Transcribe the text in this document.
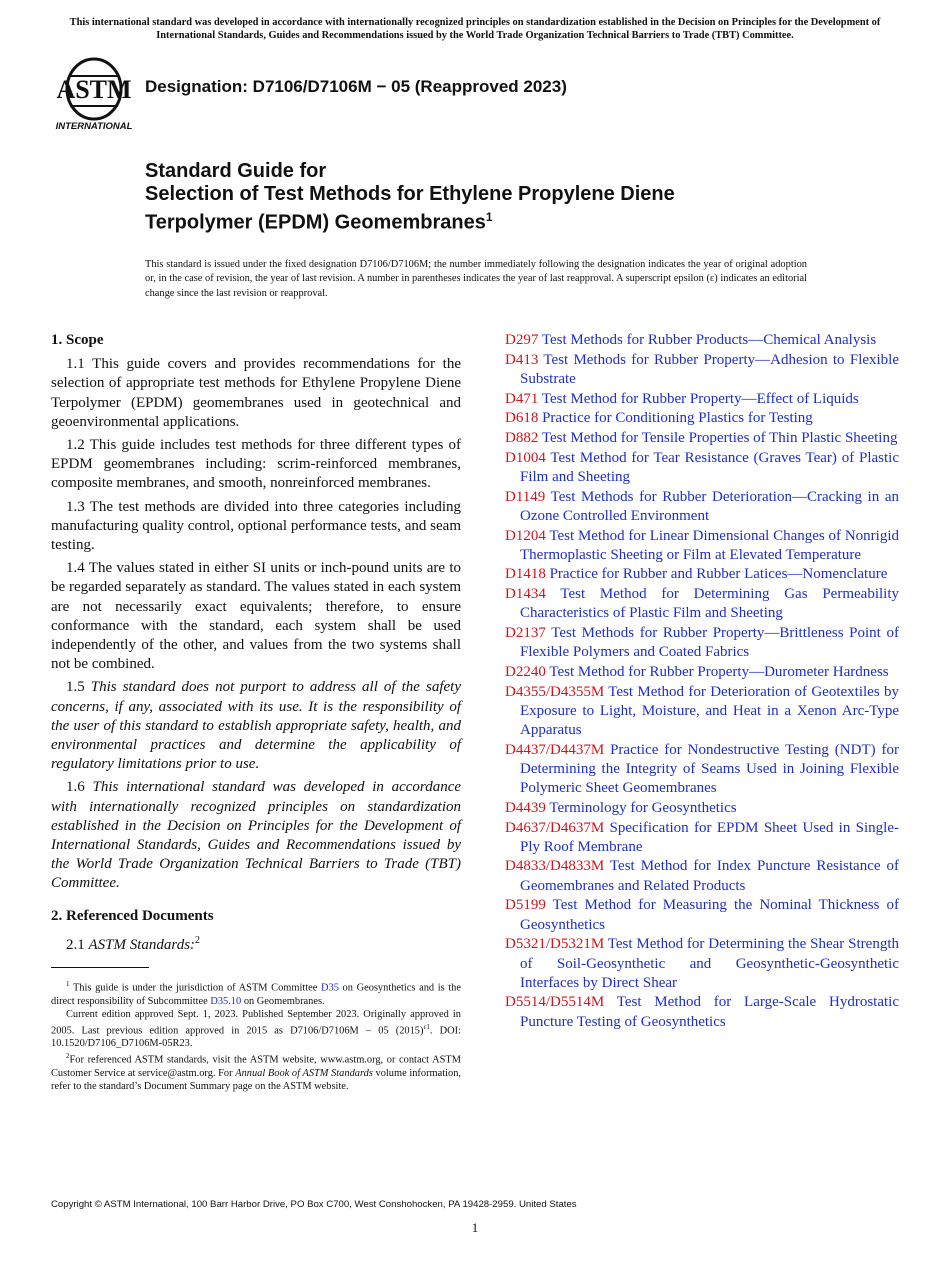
This international standard was developed in accordance with internationally recognized principles on standardization established in the Decision on Principles for the Development of International Standards, Guides and Recommendations issued by the World Trade Organization Technical Barriers to Trade (TBT) Committee.
ASTM
INTERNATIONAL
Designation: D7106/D7106M − 05 (Reapproved 2023)
Standard Guide for
Selection of Test Methods for Ethylene Propylene Diene
Terpolymer (EPDM) Geomembranes$^1$
This standard is issued under the fixed designation D7106/D7106M; the number immediately following the designation indicates the year of original adoption or, in the case of revision, the year of last revision. A number in parentheses indicates the year of last reapproval. A superscript epsilon (ε) indicates an editorial change since the last revision or reapproval.
1. Scope

1.1 This guide covers and provides recommendations for the selection of appropriate test methods for Ethylene Propylene Diene Terpolymer (EPDM) geomembranes used in geotechnical and geoenvironmental applications.

1.2 This guide includes test methods for three different types of EPDM geomembranes including: scrim-reinforced membranes, composite membranes, and smooth, nonreinforced membranes.

1.3 The test methods are divided into three categories including manufacturing quality control, optional performance tests, and seam testing.

1.4 The values stated in either SI units or inch-pound units are to be regarded separately as standard. The values stated in each system are not necessarily exact equivalents; therefore, to ensure conformance with the standard, each system shall be used independently of the other, and values from the two systems shall not be combined.

1.5 This standard does not purport to address all of the safety concerns, if any, associated with its use. It is the responsibility of the user of this standard to establish appropriate safety, health, and environmental practices and determine the applicability of regulatory limitations prior to use.

1.6 This international standard was developed in accordance with internationally recognized principles on standardization established in the Decision on Principles for the Development of International Standards, Guides and Recommendations issued by the World Trade Organization Technical Barriers to Trade (TBT) Committee.

2. Referenced Documents

2.1 ASTM Standards:$^2$

$^1$ This guide is under the jurisdiction of ASTM Committee D35 on Geosynthetics and is the direct responsibility of Subcommittee D35.10 on Geomembranes.

Current edition approved Sept. 1, 2023. Published September 2023. Originally approved in 2005. Last previous edition approved in 2015 as D7106/D7106M – 05 $(2015)^{\varepsilon 1}$. DOI: 10.1520/D7106_D7106M-05R23.

$^2$For referenced ASTM standards, visit the ASTM website, www.astm.org, or contact ASTM Customer Service at service@astm.org. For Annual Book of ASTM Standards volume information, refer to the standard’s Document Summary page on the ASTM website.

D297 Test Methods for Rubber Products—Chemical Analysis

D413 Test Methods for Rubber Property—Adhesion to Flexible Substrate

D471 Test Method for Rubber Property—Effect of Liquids

D618 Practice for Conditioning Plastics for Testing

D882 Test Method for Tensile Properties of Thin Plastic Sheeting

D1004 Test Method for Tear Resistance (Graves Tear) of Plastic Film and Sheeting

D1149 Test Methods for Rubber Deterioration—Cracking in an Ozone Controlled Environment

D1204 Test Method for Linear Dimensional Changes of Nonrigid Thermoplastic Sheeting or Film at Elevated Temperature

D1418 Practice for Rubber and Rubber Latices—Nomenclature

D1434 Test Method for Determining Gas Permeability Characteristics of Plastic Film and Sheeting

D2137 Test Methods for Rubber Property—Brittleness Point of Flexible Polymers and Coated Fabrics

D2240 Test Method for Rubber Property—Durometer Hardness

D4355/D4355M Test Method for Deterioration of Geotextiles by Exposure to Light, Moisture, and Heat in a Xenon Arc-Type Apparatus

D4437/D4437M Practice for Nondestructive Testing (NDT) for Determining the Integrity of Seams Used in Joining Flexible Polymeric Sheet Geomembranes

D4439 Terminology for Geosynthetics

D4637/D4637M Specification for EPDM Sheet Used in Single-Ply Roof Membrane

D4833/D4833M Test Method for Index Puncture Resistance of Geomembranes and Related Products

D5199 Test Method for Measuring the Nominal Thickness of Geosynthetics

D5321/D5321M Test Method for Determining the Shear Strength of Soil-Geosynthetic and Geosynthetic-Geosynthetic Interfaces by Direct Shear

D5514/D5514M Test Method for Large-Scale Hydrostatic Puncture Testing of Geosynthetics

Copyright © ASTM International, 100 Barr Harbor Drive, PO Box C700, West Conshohocken, PA 19428-2959. United States
1
